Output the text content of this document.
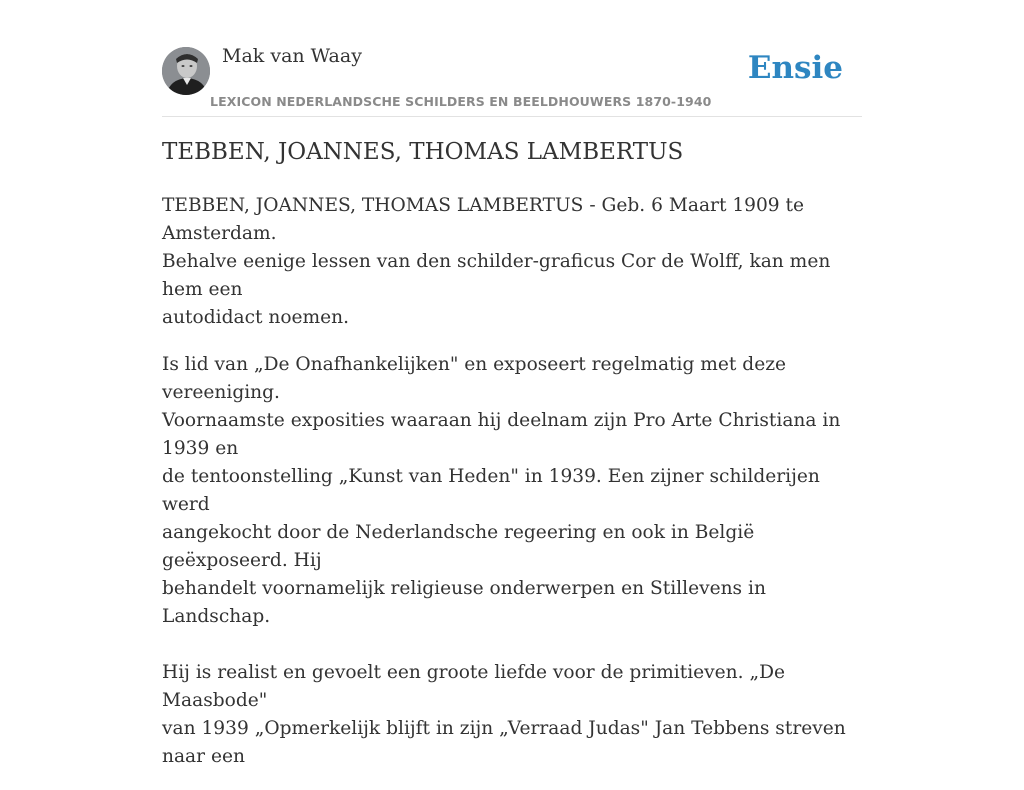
Mak van Waay
LEXICON NEDERLANDSCHE SCHILDERS EN BEELDHOUWERS 1870-1940
Ensie
TEBBEN, JOANNES, THOMAS LAMBERTUS

TEBBEN, JOANNES, THOMAS LAMBERTUS - Geb. 6 Maart 1909 te Amsterdam.
Behalve eenige lessen van den schilder-graficus Cor de Wolff, kan men hem een
autodidact noemen.

Is lid van „De Onafhankelijken" en exposeert regelmatig met deze vereeniging.
Voornaamste exposities waaraan hij deelnam zijn Pro Arte Christiana in 1939 en
de tentoonstelling „Kunst van Heden" in 1939. Een zijner schilderijen werd
aangekocht door de Nederlandsche regeering en ook in België geëxposeerd. Hij
behandelt voornamelijk religieuse onderwerpen en Stillevens in Landschap.

Hij is realist en gevoelt een groote liefde voor de primitieven. „De Maasbode"
van 1939 „Opmerkelijk blijft in zijn „Verraad Judas" Jan Tebbens streven naar een
